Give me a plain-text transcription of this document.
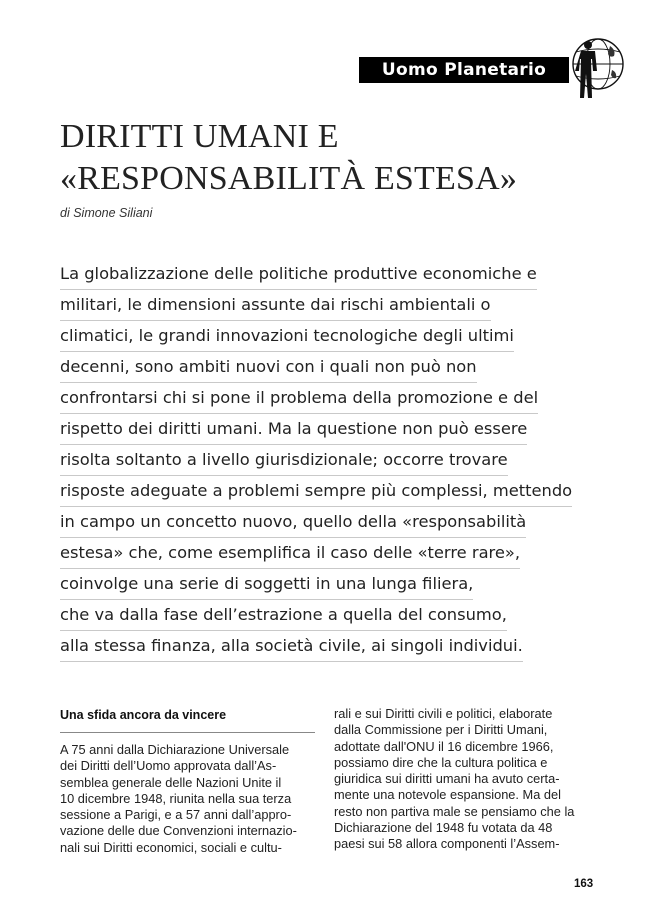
Uomo Planetario
DIRITTI UMANI E
«RESPONSABILITÀ ESTESA»
di Simone Siliani
La globalizzazione delle politiche produttive economiche e
militari, le dimensioni assunte dai rischi ambientali o
climatici, le grandi innovazioni tecnologiche degli ultimi
decenni, sono ambiti nuovi con i quali non può non
confrontarsi chi si pone il problema della promozione e del
rispetto dei diritti umani. Ma la questione non può essere
risolta soltanto a livello giurisdizionale; occorre trovare
risposte adeguate a problemi sempre più complessi, mettendo
in campo un concetto nuovo, quello della «responsabilità
estesa» che, come esemplifica il caso delle «terre rare»,
coinvolge una serie di soggetti in una lunga filiera,
che va dalla fase dell’estrazione a quella del consumo,
alla stessa finanza, alla società civile, ai singoli individui.
Una sfida ancora da vincere
A 75 anni dalla Dichiarazione Universale
dei Diritti dell’Uomo approvata dall’As-
semblea generale delle Nazioni Unite il
10 dicembre 1948, riunita nella sua terza
sessione a Parigi, e a 57 anni dall’appro-
vazione delle due Convenzioni internazio-
nali sui Diritti economici, sociali e cultu-
rali e sui Diritti civili e politici, elaborate
dalla Commissione per i Diritti Umani,
adottate dall'ONU il 16 dicembre 1966,
possiamo dire che la cultura politica e
giuridica sui diritti umani ha avuto certa-
mente una notevole espansione. Ma del
resto non partiva male se pensiamo che la
Dichiarazione del 1948 fu votata da 48
paesi sui 58 allora componenti l’Assem-
163
